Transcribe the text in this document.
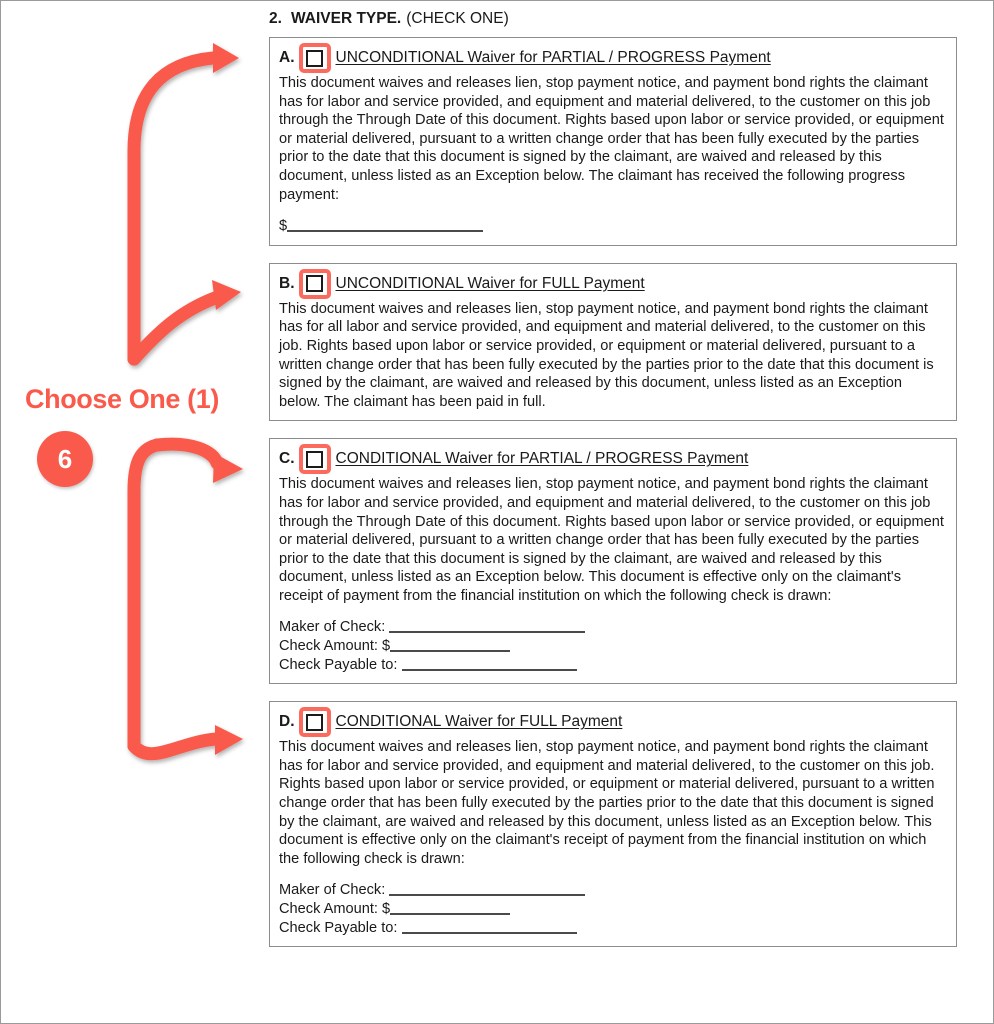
Choose One (1)
6
2. WAIVER TYPE. (CHECK ONE)
A.	UNCONDITIONAL Waiver for PARTIAL / PROGRESS Payment
This document waives and releases lien, stop payment notice, and payment bond rights the claimant has for labor and service provided, and equipment and material delivered, to the customer on this job through the Through Date of this document. Rights based upon labor or service provided, or equipment or material delivered, pursuant to a written change order that has been fully executed by the parties prior to the date that this document is signed by the claimant, are waived and released by this document, unless listed as an Exception below. The claimant has received the following progress payment:
$
B.	UNCONDITIONAL Waiver for FULL Payment
This document waives and releases lien, stop payment notice, and payment bond rights the claimant has for all labor and service provided, and equipment and material delivered, to the customer on this job. Rights based upon labor or service provided, or equipment or material delivered, pursuant to a written change order that has been fully executed by the parties prior to the date that this document is signed by the claimant, are waived and released by this document, unless listed as an Exception below. The claimant has been paid in full.
C.	CONDITIONAL Waiver for PARTIAL / PROGRESS Payment
This document waives and releases lien, stop payment notice, and payment bond rights the claimant has for labor and service provided, and equipment and material delivered, to the customer on this job through the Through Date of this document. Rights based upon labor or service provided, or equipment or material delivered, pursuant to a written change order that has been fully executed by the parties prior to the date that this document is signed by the claimant, are waived and released by this document, unless listed as an Exception below. This document is effective only on the claimant's receipt of payment from the financial institution on which the following check is drawn:
Maker of Check:
Check Amount: $
Check Payable to:
D.	CONDITIONAL Waiver for FULL Payment
This document waives and releases lien, stop payment notice, and payment bond rights the claimant has for labor and service provided, and equipment and material delivered, to the customer on this job. Rights based upon labor or service provided, or equipment or material delivered, pursuant to a written change order that has been fully executed by the parties prior to the date that this document is signed by the claimant, are waived and released by this document, unless listed as an Exception below. This document is effective only on the claimant's receipt of payment from the financial institution on which the following check is drawn:
Maker of Check:
Check Amount: $
Check Payable to:
